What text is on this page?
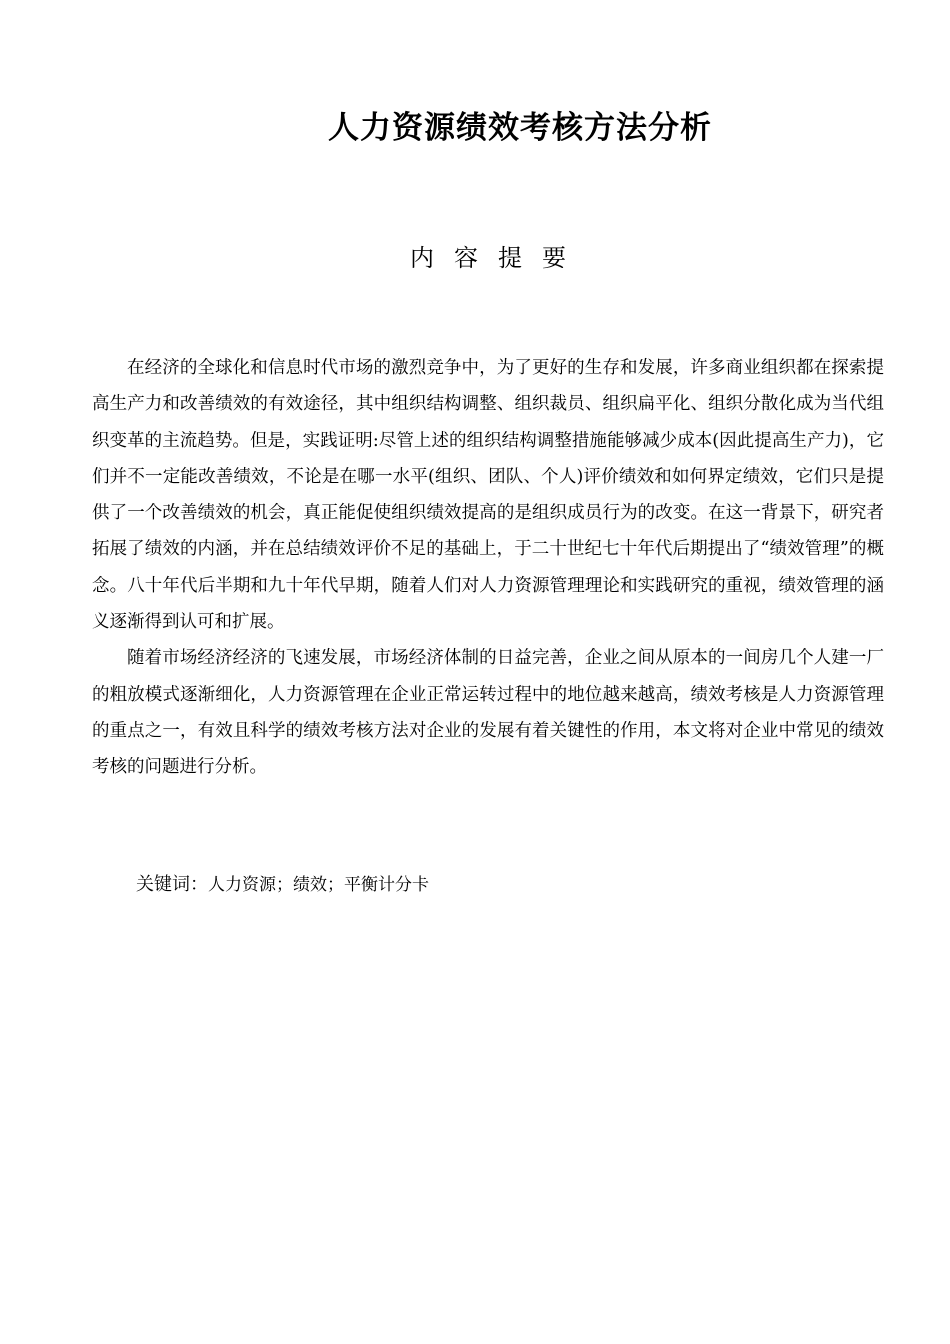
人力资源绩效考核方法分析
内容提要

在经济的全球化和信息时代市场的激烈竞争中，为了更好的生存和发展，许多商业组织都在探索提高生产力和改善绩效的有效途径，其中组织结构调整、组织裁员、组织扁平化、组织分散化成为当代组织变革的主流趋势。但是，实践证明:尽管上述的组织结构调整措施能够减少成本(因此提高生产力)，它们并不一定能改善绩效，不论是在哪一水平(组织、团队、个人)评价绩效和如何界定绩效，它们只是提供了一个改善绩效的机会，真正能促使组织绩效提高的是组织成员行为的改变。在这一背景下，研究者拓展了绩效的内涵，并在总结绩效评价不足的基础上，于二十世纪七十年代后期提出了“绩效管理”的概念。八十年代后半期和九十年代早期，随着人们对人力资源管理理论和实践研究的重视，绩效管理的涵义逐渐得到认可和扩展。

随着市场经济经济的飞速发展，市场经济体制的日益完善，企业之间从原本的一间房几个人建一厂的粗放模式逐渐细化，人力资源管理在企业正常运转过程中的地位越来越高，绩效考核是人力资源管理的重点之一，有效且科学的绩效考核方法对企业的发展有着关键性的作用，本文将对企业中常见的绩效考核的问题进行分析。

关键词：人力资源；绩效；平衡计分卡
